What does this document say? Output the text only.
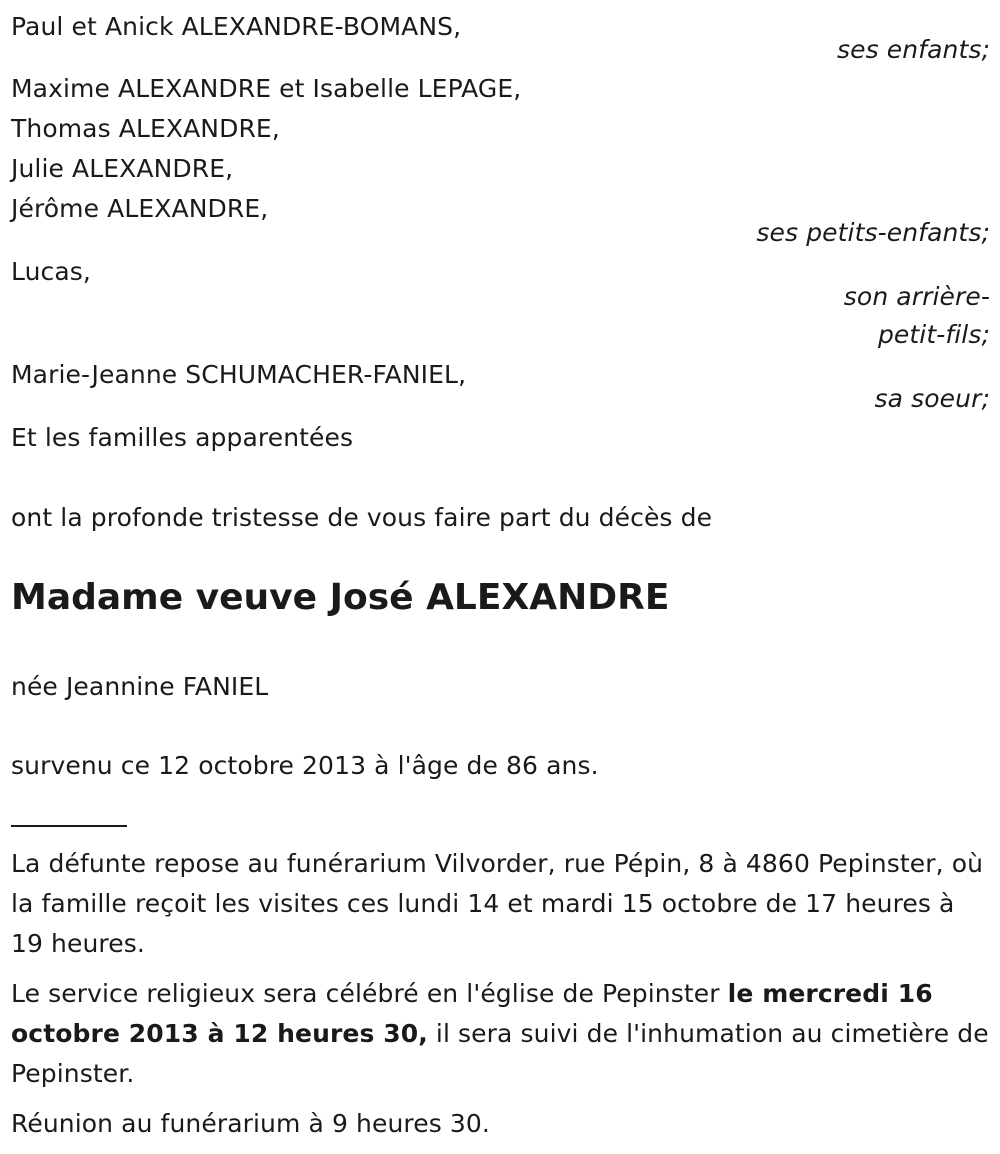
Paul et Anick ALEXANDRE-BOMANS,
ses enfants;
Maxime ALEXANDRE et Isabelle LEPAGE,
Thomas ALEXANDRE,
Julie ALEXANDRE,
Jérôme ALEXANDRE,
ses petits-enfants;
Lucas,
son arrière-
petit-fils;
Marie-Jeanne SCHUMACHER-FANIEL,
sa soeur;
Et les familles apparentées
ont la profonde tristesse de vous faire part du décès de
Madame veuve José ALEXANDRE
née Jeannine FANIEL
survenu ce 12 octobre 2013 à l'âge de 86 ans.
La défunte repose au funérarium Vilvorder, rue Pépin, 8 à 4860 Pepinster, où la famille reçoit les visites ces lundi 14 et mardi 15 octobre de 17 heures à 19 heures.
Le service religieux sera célébré en l'église de Pepinster le mercredi 16 octobre 2013 à 12 heures 30, il sera suivi de l'inhumation au cimetière de Pepinster.
Réunion au funérarium à 9 heures 30.
